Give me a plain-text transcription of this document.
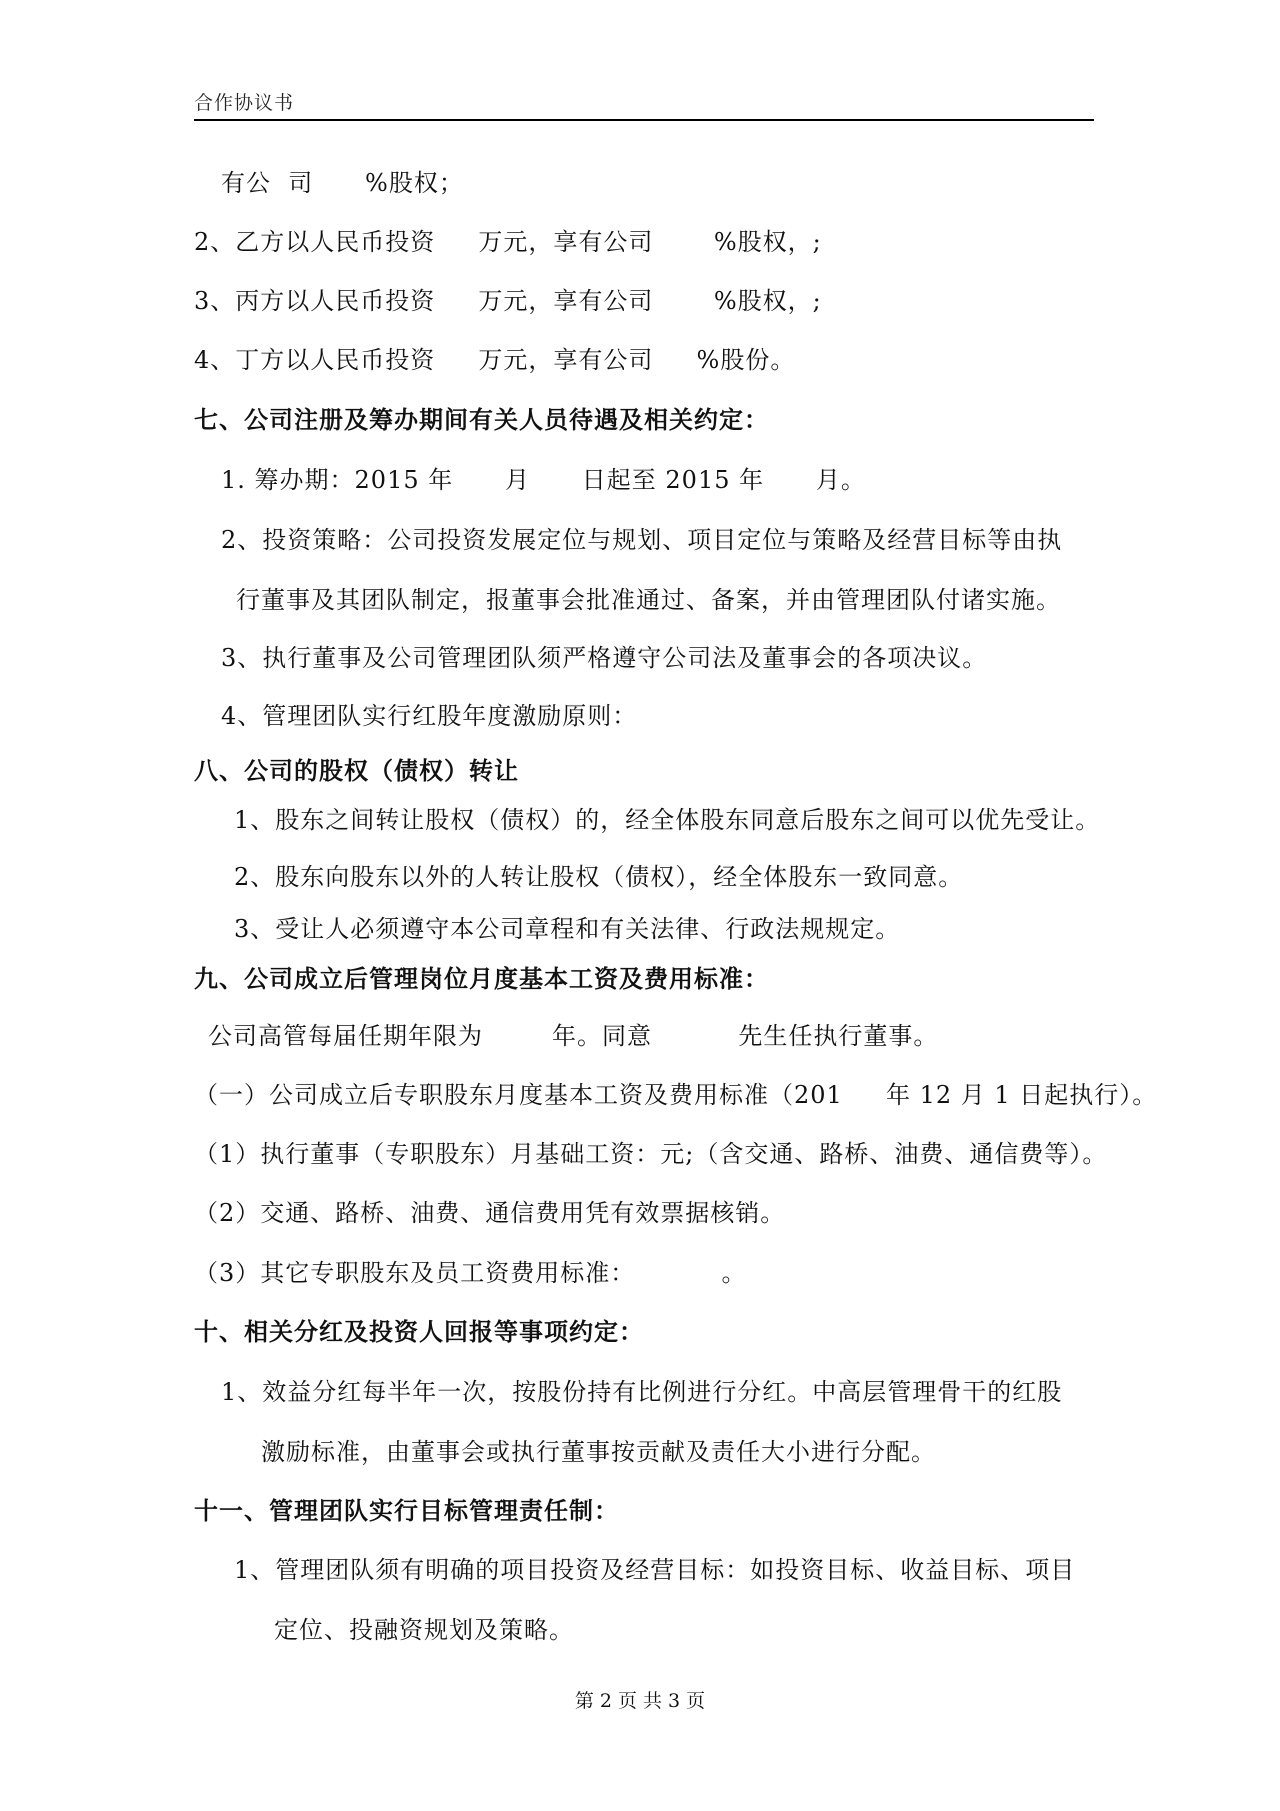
合作协议书
有公  司      %股权；
2、乙方以人民币投资     万元，享有公司       %股权，;
3、丙方以人民币投资     万元，享有公司       %股权，;
4、丁方以人民币投资     万元，享有公司     %股份。
七、公司注册及筹办期间有关人员待遇及相关约定：
1. 筹办期：2015 年      月      日起至 2015 年      月。
2、投资策略：公司投资发展定位与规划、项目定位与策略及经营目标等由执
行董事及其团队制定，报董事会批准通过、备案，并由管理团队付诸实施。
3、执行董事及公司管理团队须严格遵守公司法及董事会的各项决议。
4、管理团队实行红股年度激励原则：
八、公司的股权（债权）转让
1、股东之间转让股权（债权）的，经全体股东同意后股东之间可以优先受让。
2、股东向股东以外的人转让股权（债权），经全体股东一致同意。
3、受让人必须遵守本公司章程和有关法律、行政法规规定。
九、公司成立后管理岗位月度基本工资及费用标准：
公司高管每届任期年限为        年。同意          先生任执行董事。
（一）公司成立后专职股东月度基本工资及费用标准（201     年 12 月 1 日起执行）。
（1）执行董事（专职股东）月基础工资：元;（含交通、路桥、油费、通信费等）。
（2）交通、路桥、油费、通信费用凭有效票据核销。
（3）其它专职股东及员工资费用标准：          。
十、相关分红及投资人回报等事项约定：
1、效益分红每半年一次，按股份持有比例进行分红。中高层管理骨干的红股
激励标准，由董事会或执行董事按贡献及责任大小进行分配。
十一、管理团队实行目标管理责任制：
1、管理团队须有明确的项目投资及经营目标：如投资目标、收益目标、项目
定位、投融资规划及策略。
第 2 页 共 3 页
